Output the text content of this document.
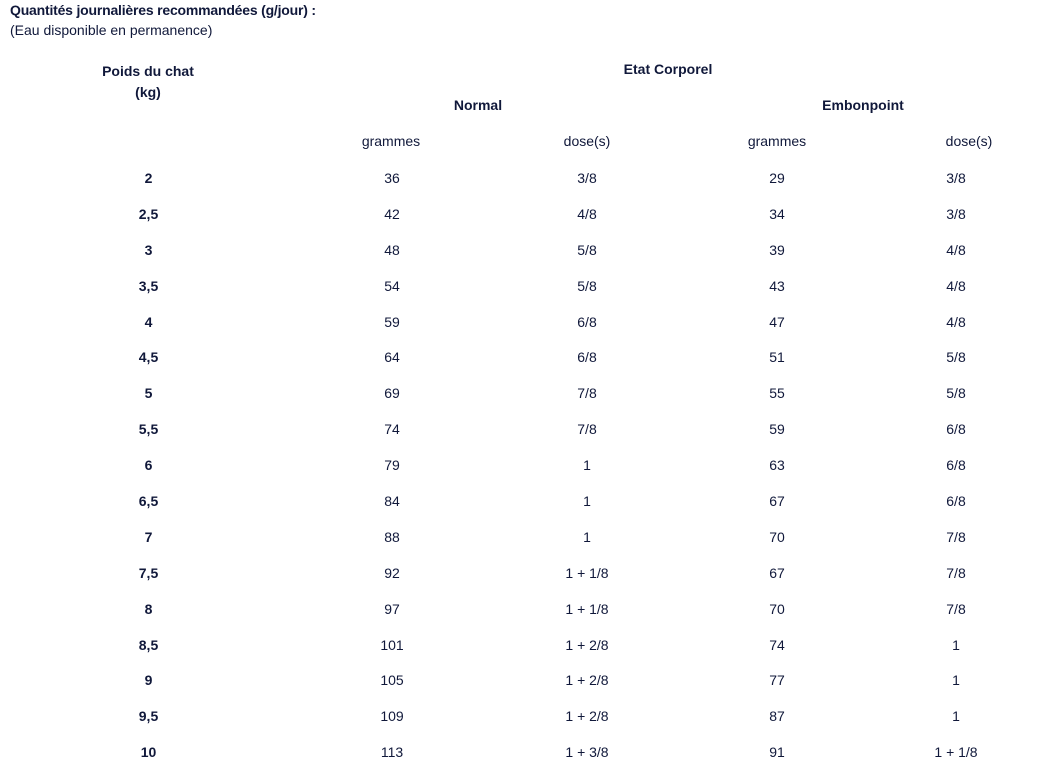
Quantités journalières recommandées (g/jour) :
(Eau disponible en permanence)
Poids du chat
(kg)
Etat Corporel
Normal	Embonpoint
grammes	dose(s)	grammes	dose(s)
2	36	3/8	29	3/8
2,5	42	4/8	34	3/8
3	48	5/8	39	4/8
3,5	54	5/8	43	4/8
4	59	6/8	47	4/8
4,5	64	6/8	51	5/8
5	69	7/8	55	5/8
5,5	74	7/8	59	6/8
6	79	1	63	6/8
6,5	84	1	67	6/8
7	88	1	70	7/8
7,5	92	1 + 1/8	67	7/8
8	97	1 + 1/8	70	7/8
8,5	101	1 + 2/8	74	1
9	105	1 + 2/8	77	1
9,5	109	1 + 2/8	87	1
10	113	1 + 3/8	91	1 + 1/8
